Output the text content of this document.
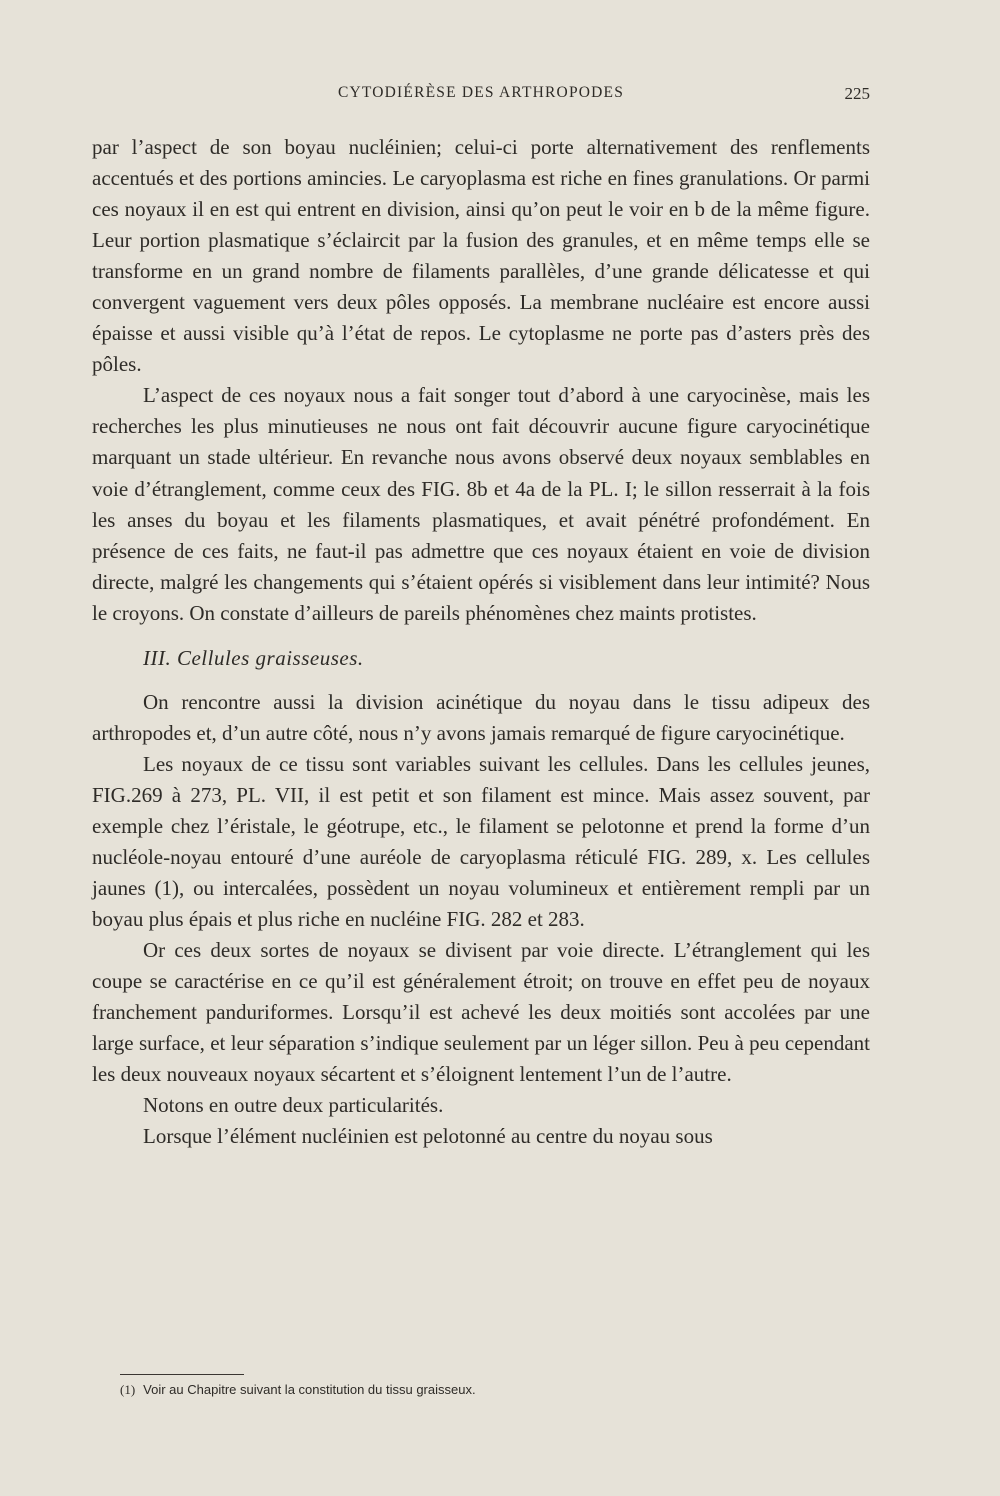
CYTODIÉRÈSE DES ARTHROPODES	225

par l’aspect de son boyau nucléinien; celui-ci porte alternativement des renflements accentués et des portions amincies. Le caryoplasma est riche en fines granulations. Or parmi ces noyaux il en est qui entrent en division, ainsi qu’on peut le voir en b de la même figure. Leur portion plasmatique s’éclaircit par la fusion des granules, et en même temps elle se transforme en un grand nombre de filaments parallèles, d’une grande délicatesse et qui convergent vaguement vers deux pôles opposés. La membrane nucléaire est encore aussi épaisse et aussi visible qu’à l’état de repos. Le cytoplasme ne porte pas d’asters près des pôles.

L’aspect de ces noyaux nous a fait songer tout d’abord à une caryocinèse, mais les recherches les plus minutieuses ne nous ont fait découvrir aucune figure caryocinétique marquant un stade ultérieur. En revanche nous avons observé deux noyaux semblables en voie d’étranglement, comme ceux des FIG. 8b et 4a de la PL. I; le sillon resserrait à la fois les anses du boyau et les filaments plasmatiques, et avait pénétré profondément. En présence de ces faits, ne faut-il pas admettre que ces noyaux étaient en voie de division directe, malgré les changements qui s’étaient opérés si visiblement dans leur intimité? Nous le croyons. On constate d’ailleurs de pareils phénomènes chez maints protistes.

III. Cellules graisseuses.

On rencontre aussi la division acinétique du noyau dans le tissu adipeux des arthropodes et, d’un autre côté, nous n’y avons jamais remarqué de figure caryocinétique.

Les noyaux de ce tissu sont variables suivant les cellules. Dans les cellules jeunes, FIG.269 à 273, PL. VII, il est petit et son filament est mince. Mais assez souvent, par exemple chez l’éristale, le géotrupe, etc., le filament se pelotonne et prend la forme d’un nucléole-noyau entouré d’une auréole de caryoplasma réticulé FIG. 289, x. Les cellules jaunes (1), ou intercalées, possèdent un noyau volumineux et entièrement rempli par un boyau plus épais et plus riche en nucléine FIG. 282 et 283.

Or ces deux sortes de noyaux se divisent par voie directe. L’étranglement qui les coupe se caractérise en ce qu’il est généralement étroit; on trouve en effet peu de noyaux franchement panduriformes. Lorsqu’il est achevé les deux moitiés sont accolées par une large surface, et leur séparation s’indique seulement par un léger sillon. Peu à peu cependant les deux nouveaux noyaux sécartent et s’éloignent lentement l’un de l’autre.

Notons en outre deux particularités.

Lorsque l’élément nucléinien est pelotonné au centre du noyau sous

(1) Voir au Chapitre suivant la constitution du tissu graisseux.
